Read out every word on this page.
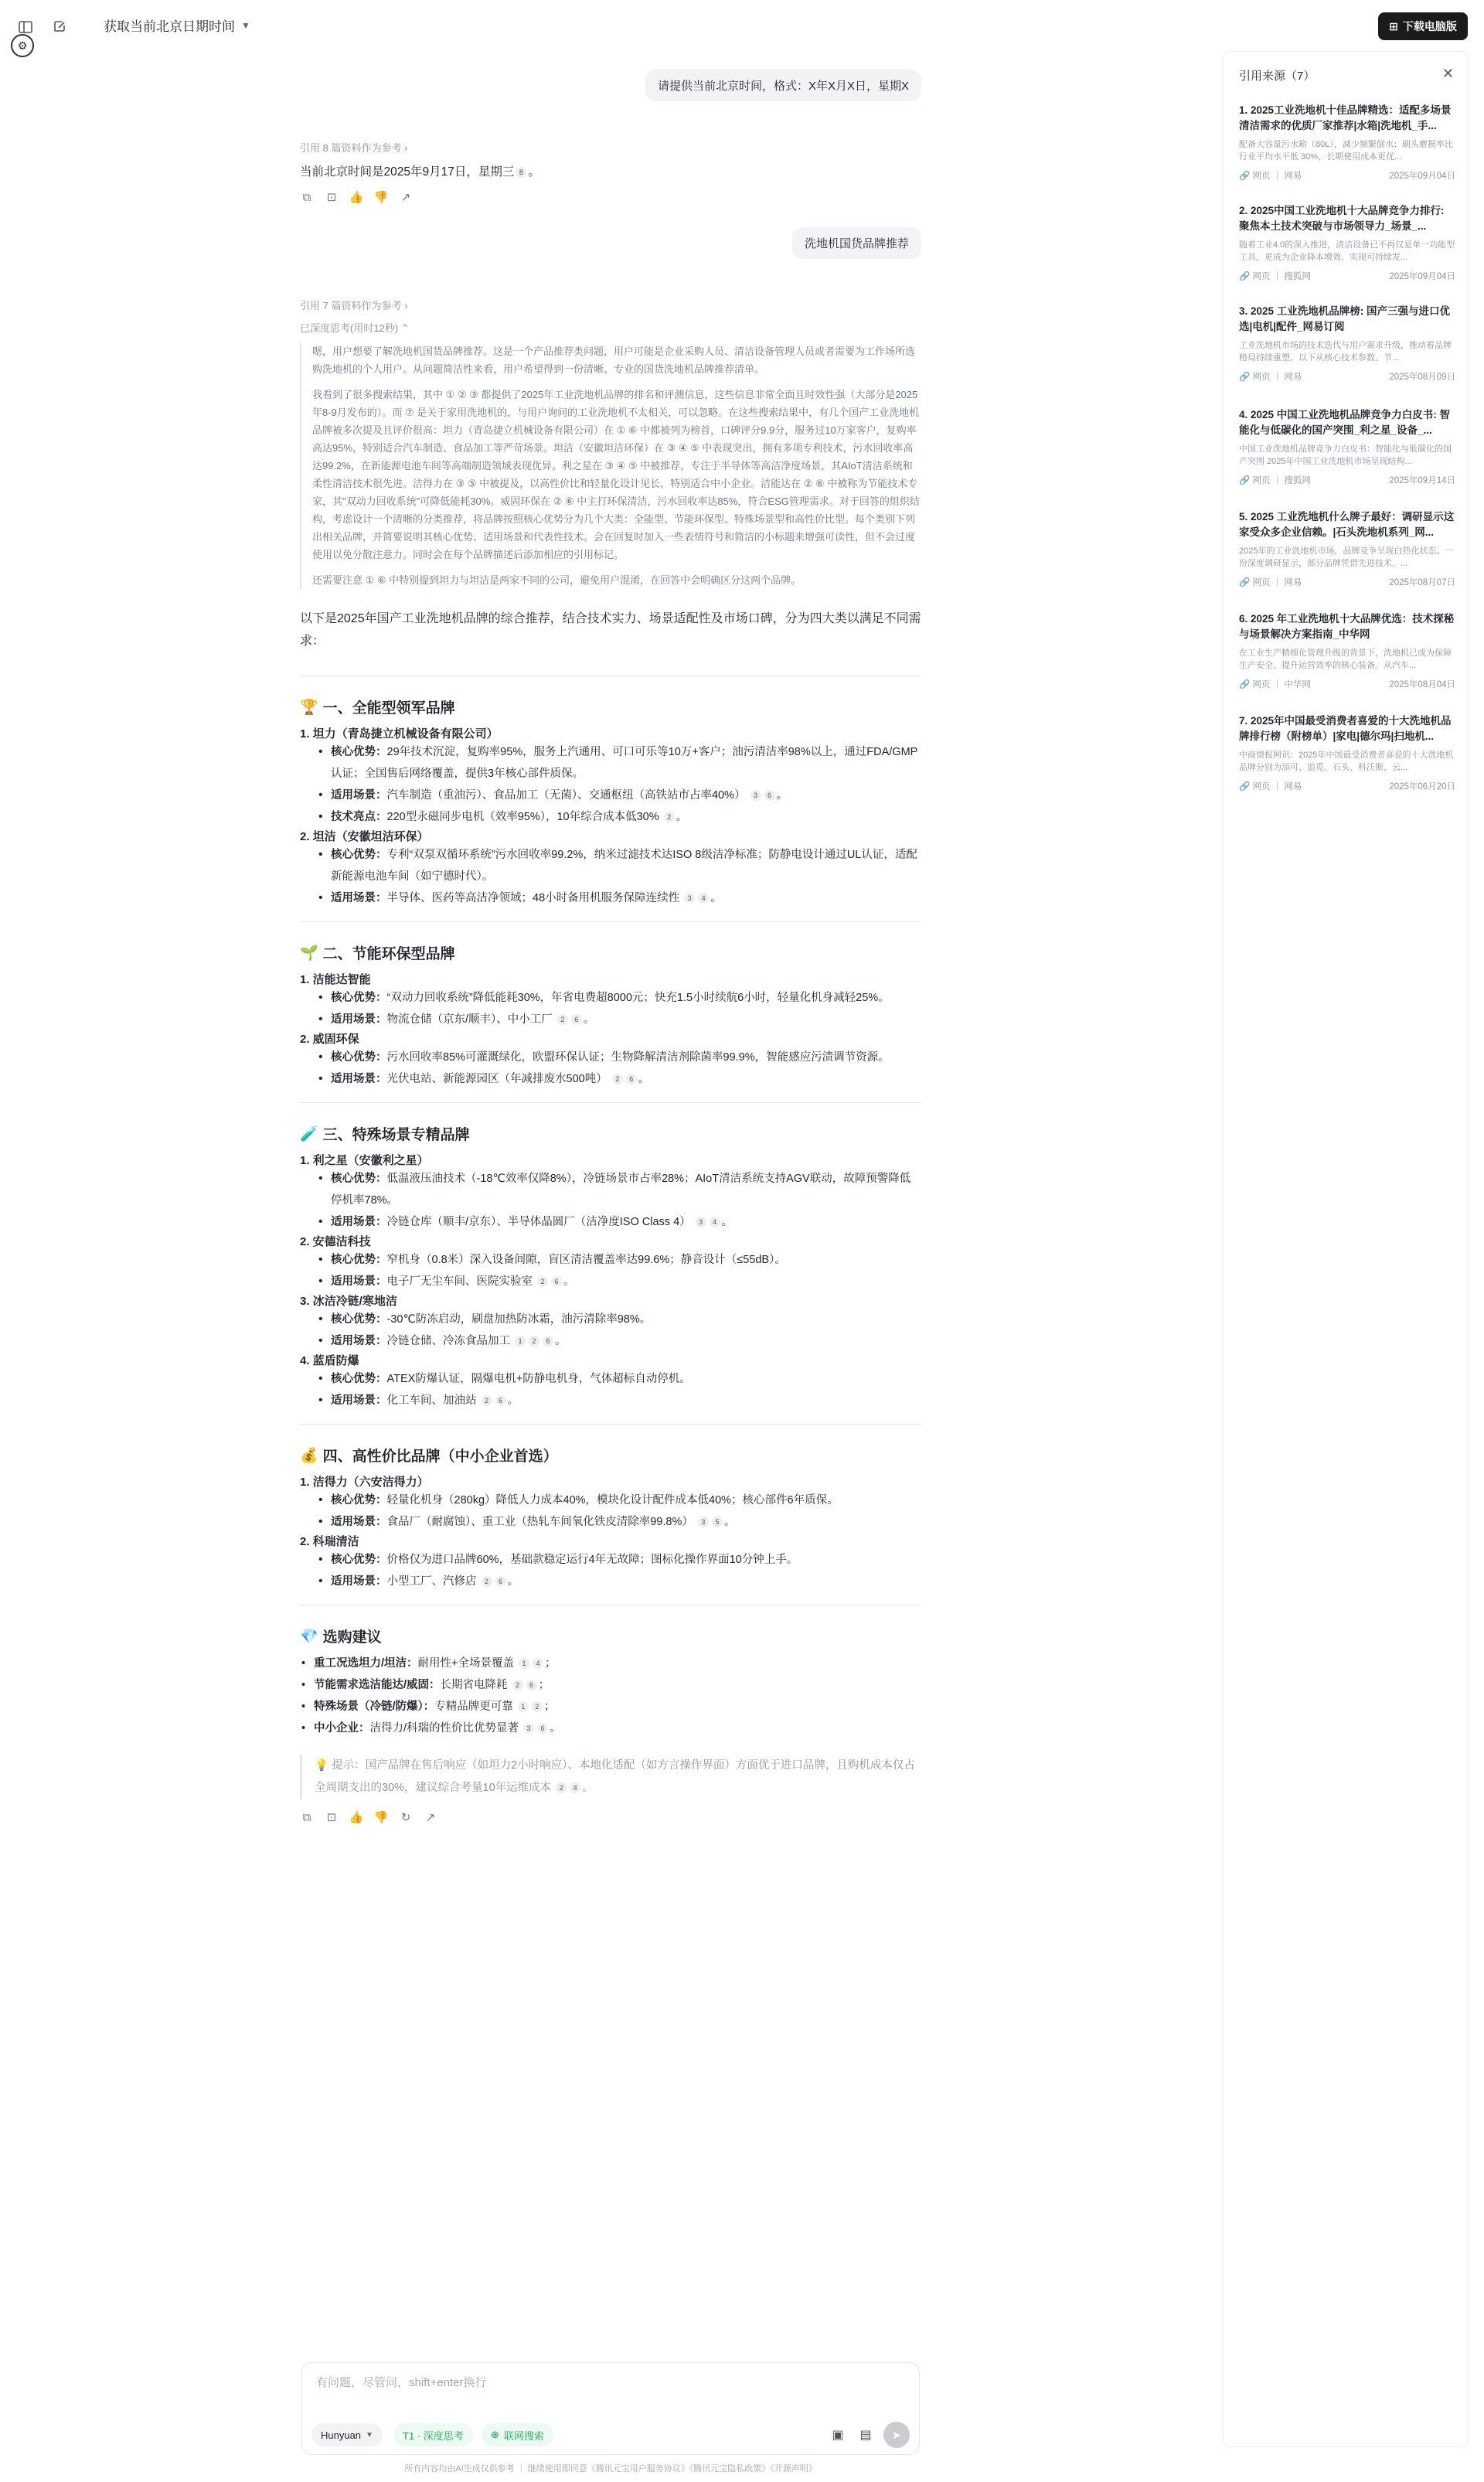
获取当前北京日期时间 ▼
⚙
⊞ 下载电脑版
请提供当前北京时间，格式：X年X月X日，星期X
引用 8 篇资料作为参考 ›
当前北京时间是2025年9月17日，星期三 8 。
⧉ ⊡ 👍 👎 ↗
洗地机国货品牌推荐
引用 7 篇资料作为参考 ›
已深度思考(用时12秒) ⌃

嗯，用户想要了解洗地机国货品牌推荐。这是一个产品推荐类问题，用户可能是企业采购人员、清洁设备管理人员或者需要为工作场所选购洗地机的个人用户。从问题简洁性来看，用户希望得到一份清晰、专业的国货洗地机品牌推荐清单。

我看到了很多搜索结果，其中 ① ② ③ 都提供了2025年工业洗地机品牌的排名和评测信息，这些信息非常全面且时效性强（大部分是2025年8-9月发布的）。而 ⑦ 是关于家用洗地机的，与用户询问的工业洗地机不太相关，可以忽略。在这些搜索结果中，有几个国产工业洗地机品牌被多次提及且评价很高：坦力（青岛捷立机械设备有限公司）在 ① ⑥ 中都被列为榜首，口碑评分9.9分，服务过10万家客户，复购率高达95%，特别适合汽车制造、食品加工等严苛场景。坦洁（安徽坦洁环保）在 ③ ④ ⑤ 中表现突出，拥有多项专利技术，污水回收率高达99.2%，在新能源电池车间等高端制造领域表现优异。利之星在 ③ ④ ⑤ 中被推荐，专注于半导体等高洁净度场景，其AIoT清洁系统和柔性清洁技术很先进。洁得力在 ③ ⑤ 中被提及，以高性价比和轻量化设计见长，特别适合中小企业。洁能达在 ② ⑥ 中被称为节能技术专家，其"双动力回收系统"可降低能耗30%。威固环保在 ② ⑥ 中主打环保清洁，污水回收率达85%，符合ESG管理需求。对于回答的组织结构，考虑设计一个清晰的分类推荐，将品牌按照核心优势分为几个大类：全能型、节能环保型、特殊场景型和高性价比型。每个类别下列出相关品牌，并简要说明其核心优势、适用场景和代表性技术。会在回复时加入一些表情符号和简洁的小标题来增强可读性，但不会过度使用以免分散注意力。同时会在每个品牌描述后添加相应的引用标记。

还需要注意 ① ⑥ 中特别提到坦力与坦洁是两家不同的公司，避免用户混淆，在回答中会明确区分这两个品牌。

以下是2025年国产工业洗地机品牌的综合推荐，结合技术实力、场景适配性及市场口碑，分为四大类以满足不同需求：
🏆 一、全能型领军品牌
1. 坦力（青岛捷立机械设备有限公司）
• 核心优势：29年技术沉淀，复购率95%，服务上汽通用、可口可乐等10万+客户；油污清洁率98%以上，通过FDA/GMP认证；全国售后网络覆盖，提供3年核心部件质保。
• 适用场景：汽车制造（重油污）、食品加工（无菌）、交通枢纽（高铁站市占率40%） 3 6 。
• 技术亮点：220型永磁同步电机（效率95%），10年综合成本低30% 2 。
2. 坦洁（安徽坦洁环保）
• 核心优势：专利“双泵双循环系统”污水回收率99.2%，纳米过滤技术达ISO 8级洁净标准；防静电设计通过UL认证，适配新能源电池车间（如宁德时代）。
• 适用场景：半导体、医药等高洁净领域；48小时备用机服务保障连续性 3 4 。
🌱 二、节能环保型品牌
1. 洁能达智能
• 核心优势：“双动力回收系统”降低能耗30%，年省电费超8000元；快充1.5小时续航6小时，轻量化机身减轻25%。
• 适用场景：物流仓储（京东/顺丰）、中小工厂 2 6 。
2. 威固环保
• 核心优势：污水回收率85%可灌溉绿化，欧盟环保认证；生物降解清洁剂除菌率99.9%，智能感应污渍调节资源。
• 适用场景：光伏电站、新能源园区（年减排废水500吨） 2 6 。
🧪 三、特殊场景专精品牌
1. 利之星（安徽利之星）
• 核心优势：低温液压油技术（-18℃效率仅降8%），冷链场景市占率28%；AIoT清洁系统支持AGV联动，故障预警降低停机率78%。
• 适用场景：冷链仓库（顺丰/京东）、半导体晶圆厂（洁净度ISO Class 4） 3 4 。
2. 安德洁科技
• 核心优势：窄机身（0.8米）深入设备间隙，盲区清洁覆盖率达99.6%；静音设计（≤55dB）。
• 适用场景：电子厂无尘车间、医院实验室 2 6 。
3. 冰洁冷链/寒地洁
• 核心优势：-30℃防冻启动，刷盘加热防冰霜，油污清除率98%。
• 适用场景：冷链仓储、冷冻食品加工 1 2 6 。
4. 蓝盾防爆
• 核心优势：ATEX防爆认证，隔爆电机+防静电机身，气体超标自动停机。
• 适用场景：化工车间、加油站 2 6 。
💰 四、高性价比品牌（中小企业首选）
1. 洁得力（六安洁得力）
• 核心优势：轻量化机身（280kg）降低人力成本40%，模块化设计配件成本低40%；核心部件6年质保。
• 适用场景：食品厂（耐腐蚀）、重工业（热轧车间氧化铁皮清除率99.8%） 3 5 。
2. 科瑞清洁
• 核心优势：价格仅为进口品牌60%，基础款稳定运行4年无故障；图标化操作界面10分钟上手。
• 适用场景：小型工厂、汽修店 2 6 。
💎 选购建议
• 重工况选坦力/坦洁：耐用性+全场景覆盖 1 4 ；
• 节能需求选洁能达/威固：长期省电降耗 2 6 ；
• 特殊场景（冷链/防爆）：专精品牌更可靠 1 2 ；
• 中小企业：洁得力/科瑞的性价比优势显著 3 6 。
💡 提示：国产品牌在售后响应（如坦力2小时响应）、本地化适配（如方言操作界面）方面优于进口品牌，且购机成本仅占全周期支出的30%，建议综合考量10年运维成本 2 4 。
⧉ ⊡ 👍 👎 ↻ ↗
有问题，尽管问，shift+enter换行
Hunyuan ▼	T1 · 深度思考	⊕ 联网搜索	▣ ▤	➤
所有内容均由AI生成仅供参考 ｜ 继续使用即同意《腾讯元宝用户服务协议》《腾讯元宝隐私政策》《开源声明》
引用来源（7）	✕
1. 2025工业洗地机十佳品牌精选：适配多场景清洁需求的优质厂家推荐|水箱|洗地机_手...
配备大容量污水箱（80L），减少频繁倒水；刷头磨损率比行业平均水平低 30%，长期使用成本更优...
🔗 网页 ｜ 网易	2025年09月04日
2. 2025中国工业洗地机十大品牌竞争力排行: 聚焦本土技术突破与市场领导力_场景_...
随着工业4.0的深入推进，清洁设备已不再仅是单一功能型工具，更成为企业降本增效、实现可持续发...
🔗 网页 ｜ 搜狐网	2025年09月04日
3. 2025 工业洗地机品牌榜: 国产三强与进口优选|电机|配件_网易订阅
工业洗地机市场的技术迭代与用户需求升级，推动着品牌格局持续重塑。以下从核心技术参数、节...
🔗 网页 ｜ 网易	2025年08月09日
4. 2025 中国工业洗地机品牌竞争力白皮书: 智能化与低碳化的国产突围_利之星_设备_...
中国工业洗地机品牌竞争力白皮书：智能化与低碳化的国产突围 2025年中国工业洗地机市场呈现结构...
🔗 网页 ｜ 搜狐网	2025年09月14日
5. 2025 工业洗地机什么牌子最好：调研显示这家受众多企业信赖。|石头洗地机系列_网...
2025年的工业洗地机市场，品牌竞争呈现白热化状态。一份深度调研显示，部分品牌凭借先进技术、...
🔗 网页 ｜ 网易	2025年08月07日
6. 2025 年工业洗地机十大品牌优选：技术探秘与场景解决方案指南_中华网
在工业生产精细化管理升级的背景下，洗地机已成为保障生产安全、提升运营效率的核心装备。从汽车...
🔗 网页 ｜ 中华网	2025年08月04日
7. 2025年中国最受消费者喜爱的十大洗地机品牌排行榜（附榜单）|家电|德尔玛|扫地机...
中商情报网讯：2025年中国最受消费者喜爱的十大洗地机品牌分别为添可、追觅、石头、科沃斯、云...
🔗 网页 ｜ 网易	2025年06月20日
